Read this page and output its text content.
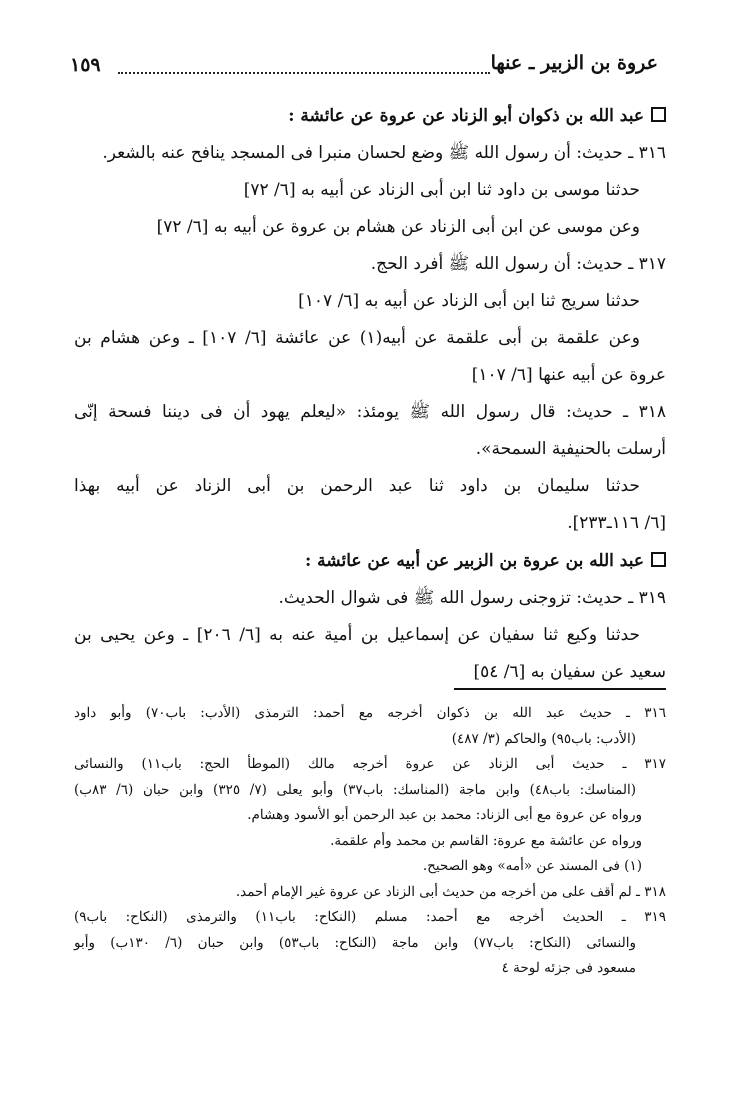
عروة بن الزبير ـ عنها
١٥٩
عبد الله بن ذكوان أبو الزناد عن عروة عن عائشة :
٣١٦ ـ حديث: أن رسول الله ﷺ وضع لحسان منبرا فى المسجد ينافح عنه بالشعر.
حدثنا موسى بن داود ثنا ابن أبى الزناد عن أبيه به [٦/ ٧٢]
وعن موسى عن ابن أبى الزناد عن هشام بن عروة عن أبيه به [٦/ ٧٢]
٣١٧ ـ حديث: أن رسول الله ﷺ أفرد الحج.
حدثنا سريج ثنا ابن أبى الزناد عن أبيه به [٦/ ١٠٧]
وعن علقمة بن أبى علقمة عن أبيه(١) عن عائشة [٦/ ١٠٧] ـ وعن هشام بن
عروة عن أبيه عنها [٦/ ١٠٧]
٣١٨ ـ حديث: قال رسول الله ﷺ يومئذ: «ليعلم يهود أن فى ديننا فسحة إنّى
أرسلت بالحنيفية السمحة».
حدثنا سليمان بن داود ثنا عبد الرحمن بن أبى الزناد عن أبيه بهذا
[٦/ ١١٦ـ٢٣٣].
عبد الله بن عروة بن الزبير عن أبيه عن عائشة :
٣١٩ ـ حديث: تزوجنى رسول الله ﷺ فى شوال الحديث.
حدثنا وكيع ثنا سفيان عن إسماعيل بن أمية عنه به [٦/ ٢٠٦] ـ وعن يحيى بن
سعيد عن سفيان به [٦/ ٥٤]
٣١٦ ـ حديث عبد الله بن ذكوان أخرجه مع أحمد: الترمذى (الأدب: باب٧٠) وأبو داود
(الأدب: باب٩٥) والحاكم (٣/ ٤٨٧)
٣١٧ ـ حديث أبى الزناد عن عروة أخرجه مالك (الموطأ الحج: باب١١) والنسائى
(المناسك: باب٤٨) وابن ماجة (المناسك: باب٣٧) وأبو يعلى (٧/ ٣٢٥) وابن حبان (٦/ ٨٣ب)
ورواه عن عروة مع أبى الزناد: محمد بن عبد الرحمن أبو الأسود وهشام.
ورواه عن عائشة مع عروة: القاسم بن محمد وأم علقمة.
(١) فى المسند عن «أمه» وهو الصحيح.
٣١٨ ـ لم أقف على من أخرجه من حديث أبى الزناد عن عروة غير الإمام أحمد.
٣١٩ ـ الحديث أخرجه مع أحمد: مسلم (النكاح: باب١١) والترمذى (النكاح: باب٩)
والنسائى (النكاح: باب٧٧) وابن ماجة (النكاح: باب٥٣) وابن حبان (٦/ ١٣٠ب) وأبو
مسعود فى جزئه لوحة ٤
